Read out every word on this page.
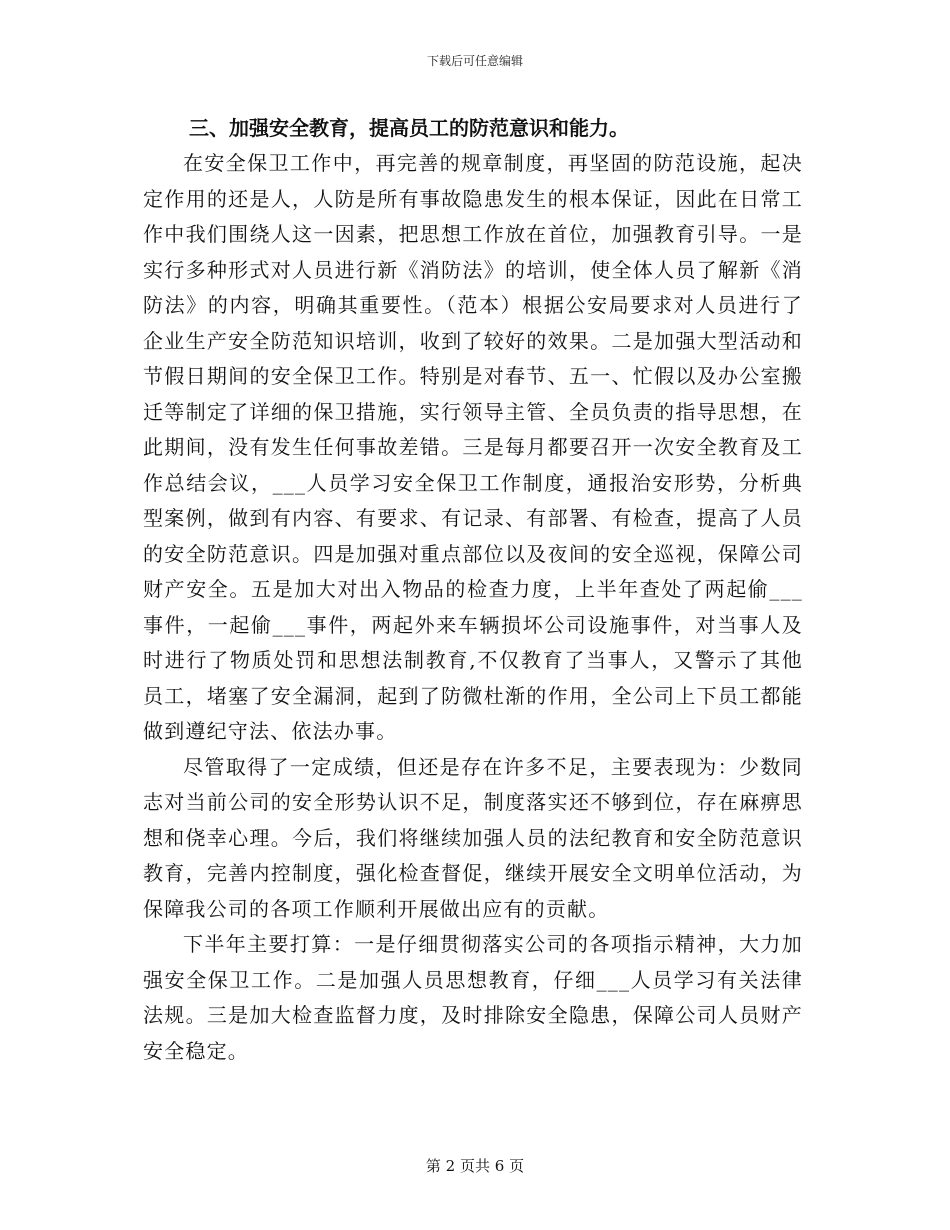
下载后可任意编辑

三、加强安全教育，提高员工的防范意识和能力。

在安全保卫工作中，再完善的规章制度，再坚固的防范设施，起决定作用的还是人，人防是所有事故隐患发生的根本保证，因此在日常工作中我们围绕人这一因素，把思想工作放在首位，加强教育引导。一是实行多种形式对人员进行新《消防法》的培训，使全体人员了解新《消防法》的内容，明确其重要性。（范本）根据公安局要求对人员进行了企业生产安全防范知识培训，收到了较好的效果。二是加强大型活动和节假日期间的安全保卫工作。特别是对春节、五一、忙假以及办公室搬迁等制定了详细的保卫措施，实行领导主管、全员负责的指导思想，在此期间，没有发生任何事故差错。三是每月都要召开一次安全教育及工作总结会议，___人员学习安全保卫工作制度，通报治安形势，分析典型案例，做到有内容、有要求、有记录、有部署、有检查，提高了人员的安全防范意识。四是加强对重点部位以及夜间的安全巡视，保障公司财产安全。五是加大对出入物品的检查力度，上半年查处了两起偷___事件，一起偷___事件，两起外来车辆损坏公司设施事件，对当事人及时进行了物质处罚和思想法制教育,不仅教育了当事人，又警示了其他员工，堵塞了安全漏洞，起到了防微杜渐的作用，全公司上下员工都能做到遵纪守法、依法办事。

尽管取得了一定成绩，但还是存在许多不足，主要表现为：少数同志对当前公司的安全形势认识不足，制度落实还不够到位，存在麻痹思想和侥幸心理。今后，我们将继续加强人员的法纪教育和安全防范意识教育，完善内控制度，强化检查督促，继续开展安全文明单位活动，为保障我公司的各项工作顺利开展做出应有的贡献。

下半年主要打算：一是仔细贯彻落实公司的各项指示精神，大力加强安全保卫工作。二是加强人员思想教育，仔细___人员学习有关法律法规。三是加大检查监督力度，及时排除安全隐患，保障公司人员财产安全稳定。

第 2 页共 6 页
